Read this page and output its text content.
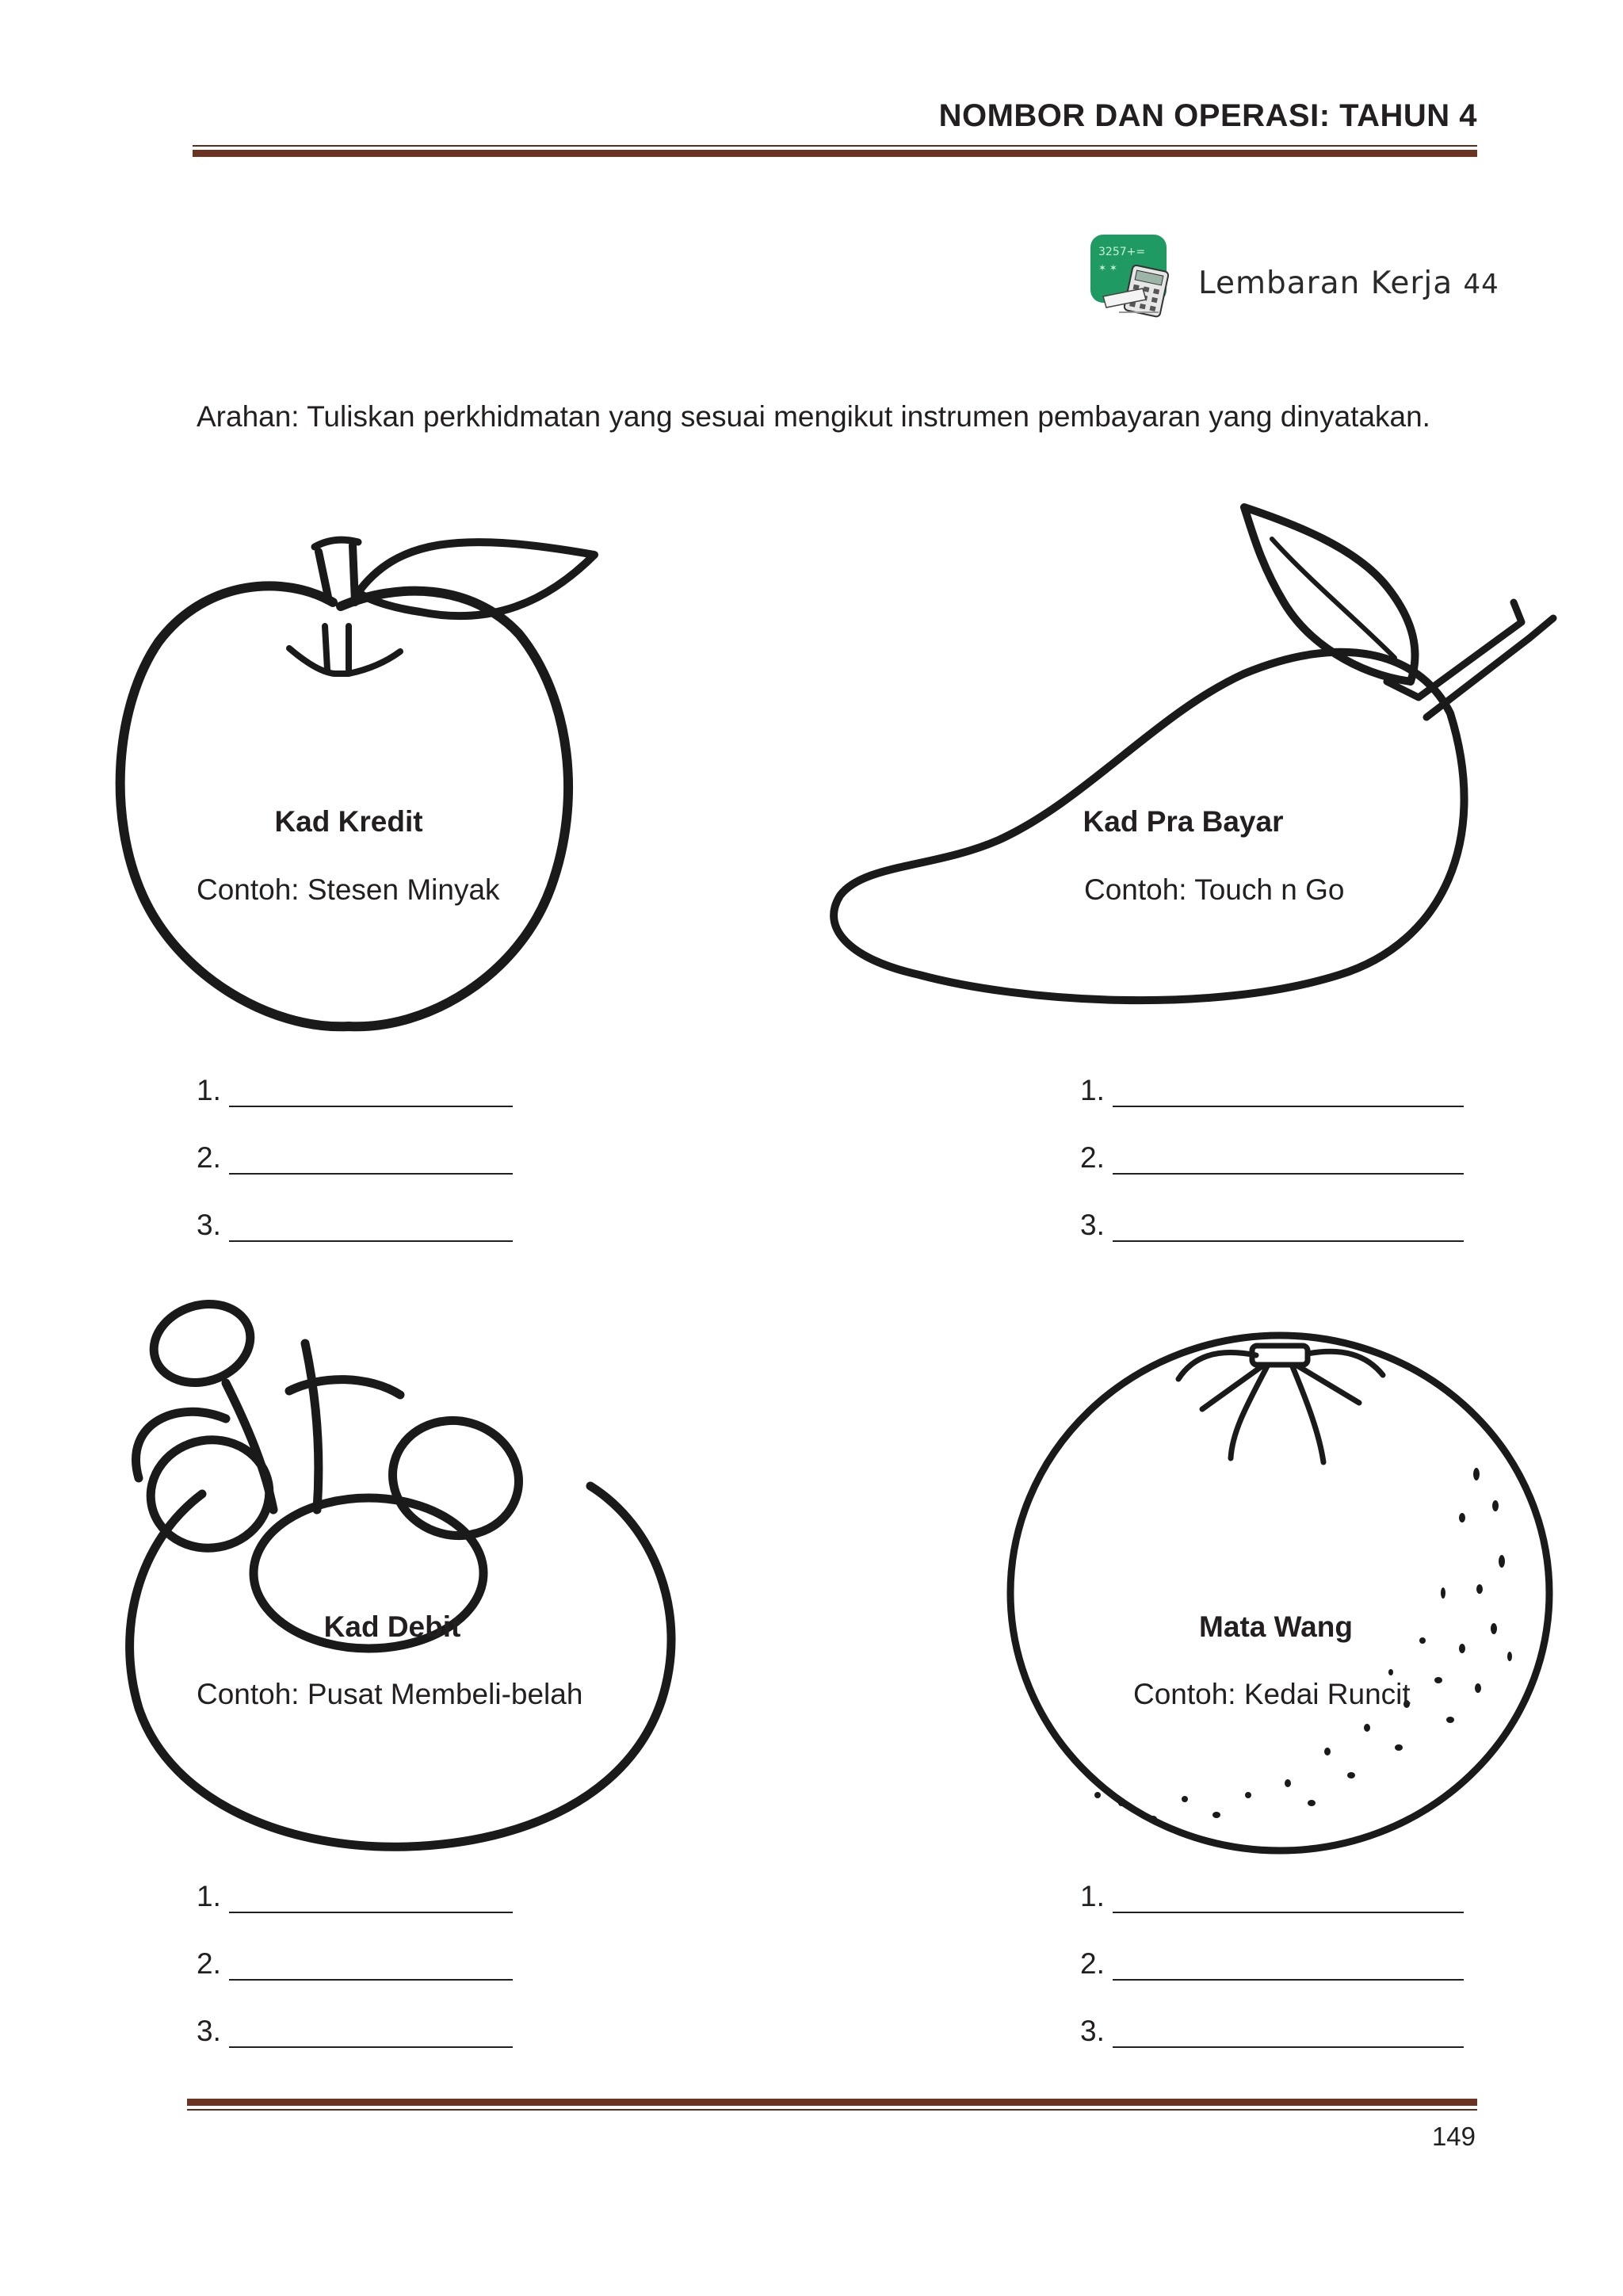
NOMBOR DAN OPERASI: TAHUN 4
3257+=
✶ ✶	Lembaran Kerja 44
Arahan: Tuliskan perkhidmatan yang sesuai mengikut instrumen pembayaran yang dinyatakan.
Kad Kredit
Contoh: Stesen Minyak
1.
2.
3.
Kad Pra Bayar
Contoh: Touch n Go
1.
2.
3.
Kad Debit
Contoh: Pusat Membeli-belah
1.
2.
3.
Mata Wang
Contoh: Kedai Runcit
1.
2.
3.
149
